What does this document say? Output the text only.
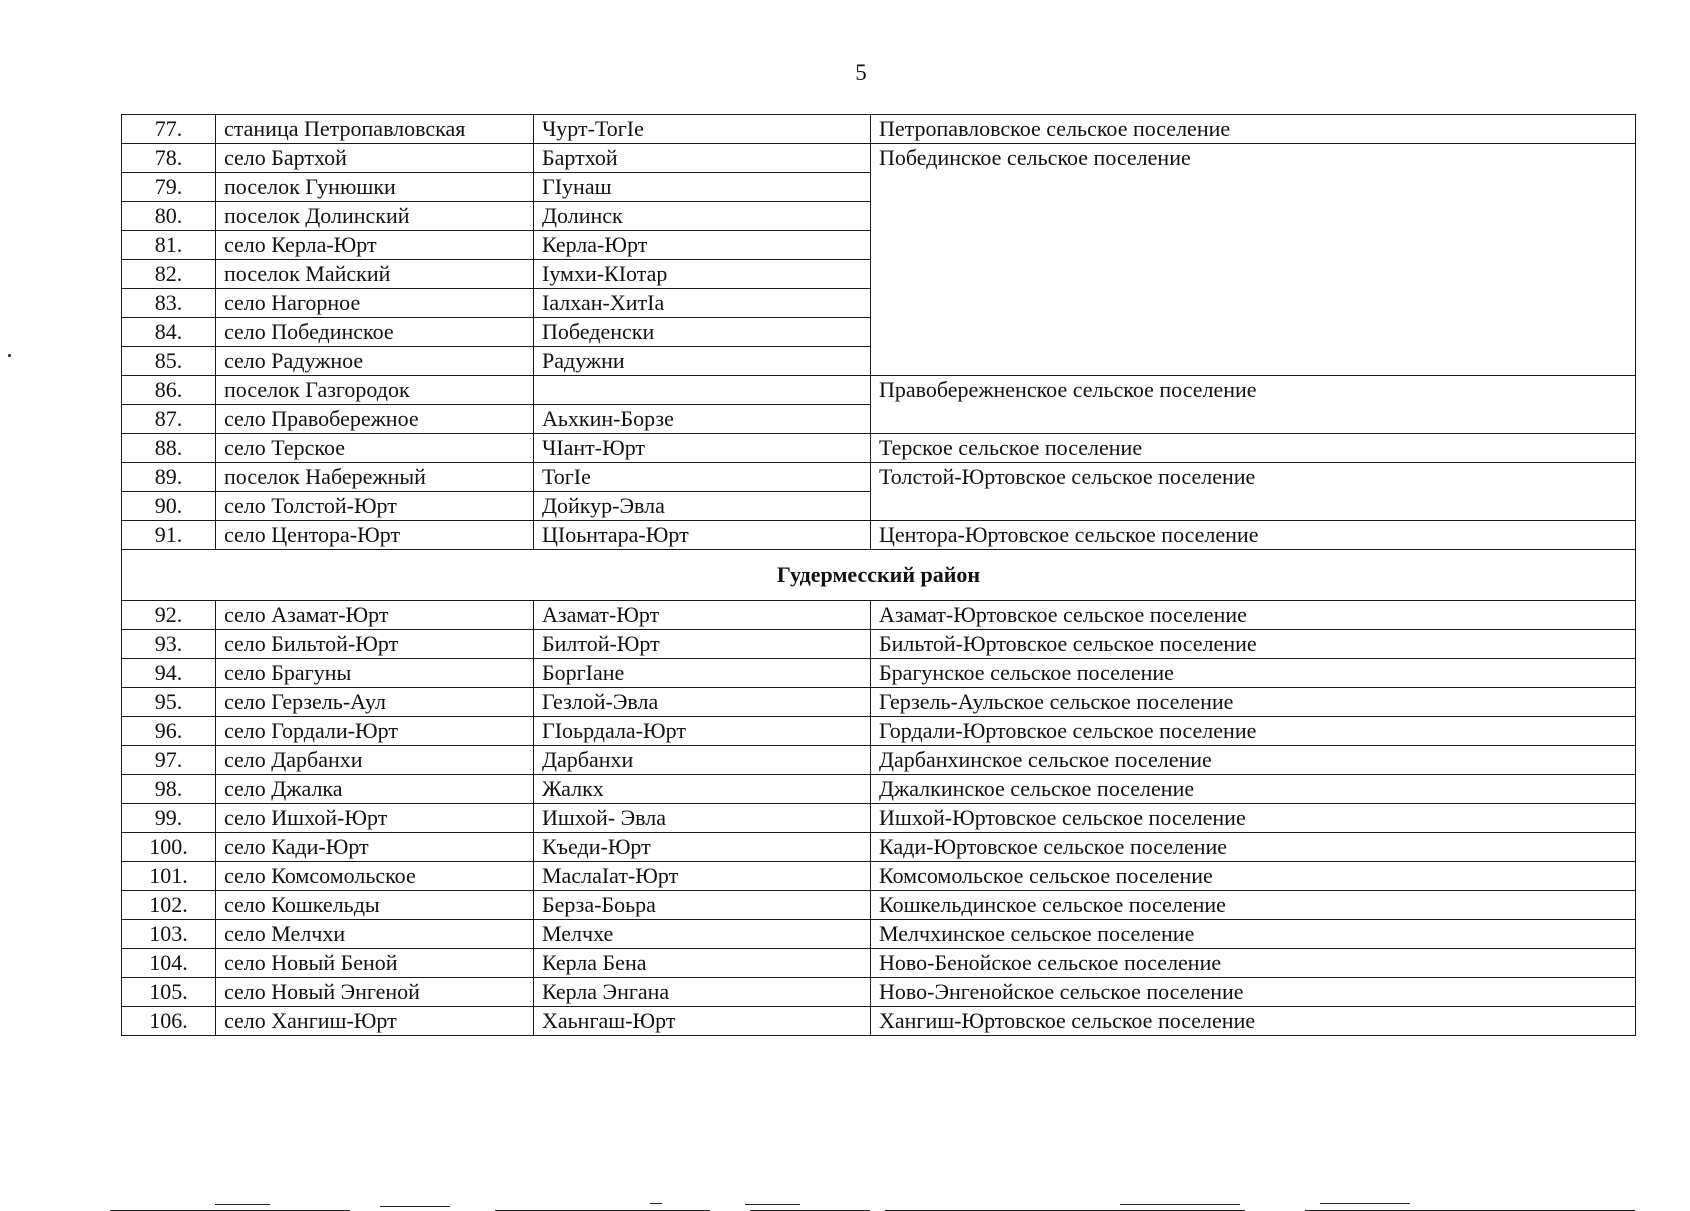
5
77.	станица Петропавловская	Чурт-ТогIе	Петропавловское сельское поселение
78.	село Бартхой	Бартхой	Побединское сельское поселение
79.	поселок Гунюшки	ГIунаш	
80.	поселок Долинский	Долинск	
81.	село Керла-Юрт	Керла-Юрт	
82.	поселок Майский	Iумхи-КIотар	
83.	село Нагорное	Iалхан-ХитIа	
84.	село Побединское	Победенски	
85.	село Радужное	Радужни	
86.	поселок Газгородок		Правобережненское сельское поселение
87.	село Правобережное	Аьхкин-Борзе	
88.	село Терское	ЧIант-Юрт	Терское сельское поселение
89.	поселок Набережный	ТогIе	Толстой-Юртовское сельское поселение
90.	село Толстой-Юрт	Дойкур-Эвла	
91.	село Центора-Юрт	ЦIоьнтара-Юрт	Центора-Юртовское сельское поселение
Гудермесский район			
92.	село Азамат-Юрт	Азамат-Юрт	Азамат-Юртовское сельское поселение
93.	село Бильтой-Юрт	Билтой-Юрт	Бильтой-Юртовское сельское поселение
94.	село Брагуны	БоргIане	Брагунское сельское поселение
95.	село Герзель-Аул	Гезлой-Эвла	Герзель-Аульское сельское поселение
96.	село Гордали-Юрт	ГIоьрдала-Юрт	Гордали-Юртовское сельское поселение
97.	село Дарбанхи	Дарбанхи	Дарбанхинское сельское поселение
98.	село Джалка	Жалкх	Джалкинское сельское поселение
99.	село Ишхой-Юрт	Ишхой- Эвла	Ишхой-Юртовское сельское поселение
100.	село Кади-Юрт	Къеди-Юрт	Кади-Юртовское сельское поселение
101.	село Комсомольское	МаслаIат-Юрт	Комсомольское сельское поселение
102.	село Кошкельды	Берза-Боьра	Кошкельдинское сельское поселение
103.	село Мелчхи	Мелчхе	Мелчхинское сельское поселение
104.	село Новый Беной	Керла Бена	Ново-Бенойское сельское поселение
105.	село Новый Энгеной	Керла Энгана	Ново-Энгенойское сельское поселение
106.	село Хангиш-Юрт	Хаьнгаш-Юрт	Хангиш-Юртовское сельское поселение
